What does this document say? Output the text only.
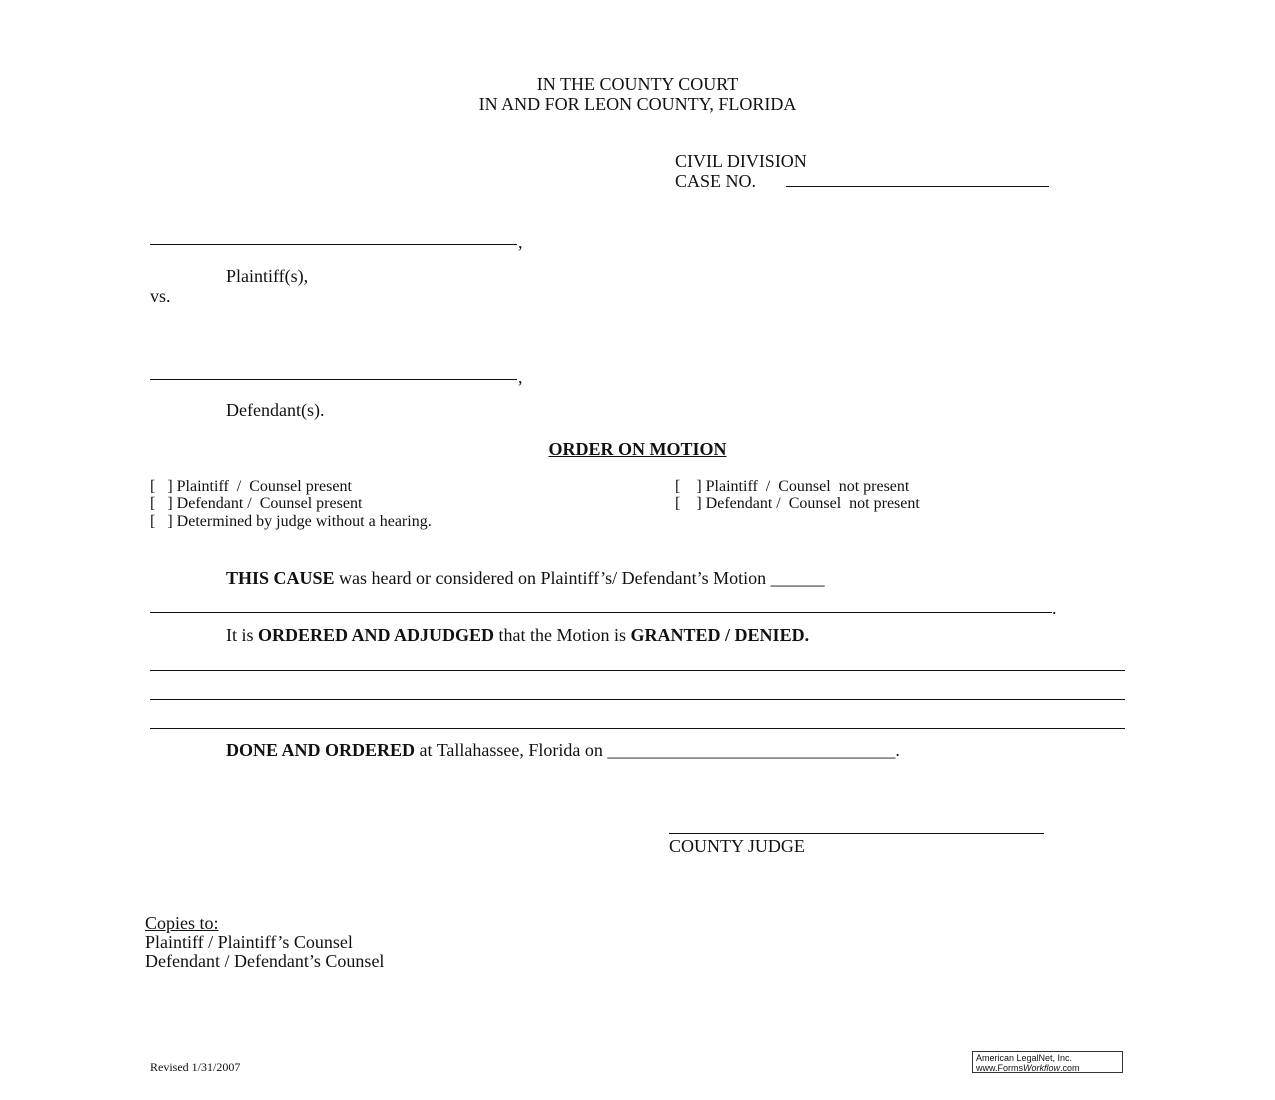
IN THE COUNTY COURT
IN AND FOR LEON COUNTY, FLORIDA
CIVIL DIVISION
CASE NO.
,
Plaintiff(s),
vs.
,
Defendant(s).
ORDER ON MOTION
[   ] Plaintiff  /  Counsel present
[   ] Defendant /  Counsel present
[   ] Determined by judge without a hearing.
[    ] Plaintiff  /  Counsel  not present
[    ] Defendant /  Counsel  not present
THIS CAUSE was heard or considered on Plaintiff’s/ Defendant’s Motion ______
.
It is ORDERED AND ADJUDGED that the Motion is GRANTED / DENIED.
DONE AND ORDERED at Tallahassee, Florida on ________________________________.
COUNTY JUDGE
Copies to:
Plaintiff / Plaintiff’s Counsel
Defendant / Defendant’s Counsel
Revised 1/31/2007
American LegalNet, Inc.
www.FormsWorkflow.com
